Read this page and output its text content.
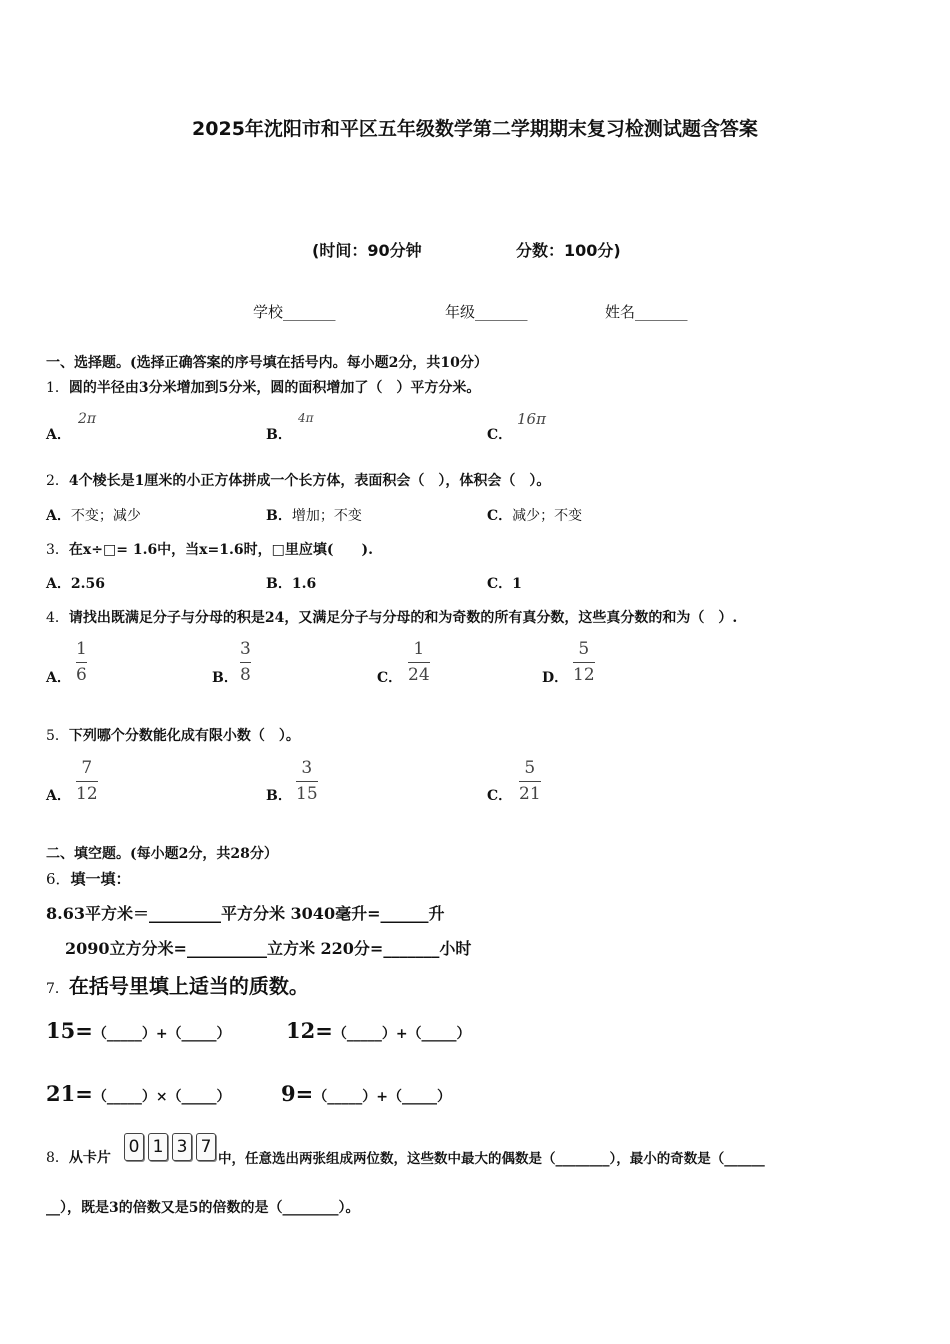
2025年沈阳市和平区五年级数学第二学期期末复习检测试题含答案
(时间：90分钟	分数：100分)
学校_______	年级_______	姓名_______
一、选择题。(选择正确答案的序号填在括号内。每小题2分，共10分）
1．圆的半径由3分米增加到5分米，圆的面积增加了（　）平方分米。
A．
2π
B．
4π
C．
16π
2．4个棱长是1厘米的小正方体拼成一个长方体，表面积会（　），体积会（　）。
A．不变；减少	B．增加；不变	C．减少；不变
3．在x÷□= 1.6中，当x=1.6时，□里应填(　　).
A．2.56	B．1.6	C．1
4．请找出既满足分子与分母的积是24，又满足分子与分母的和为奇数的所有真分数，这些真分数的和为（　）.
A．
1
6	B．
3
8	C．
1
24	D．
5
12
5．下列哪个分数能化成有限小数（　）。
A．
7
12	B．
3
15	C．
5
21
二、填空题。(每小题2分，共28分）
6．填一填：
8.63平方米＝_________平方分米 3040毫升=______升
2090立方分米=__________立方米 220分=_______小时
7．在括号里填上适当的质数。
15=（_____）+（_____）	12=（_____）+（_____）
21=（_____）×（_____） 9=（_____）+（_____）
8．从卡片
0 1 3 7
中，任意选出两张组成两位数，这些数中最大的偶数是（________），最小的奇数是（______
__），既是3的倍数又是5的倍数的是（________）。
